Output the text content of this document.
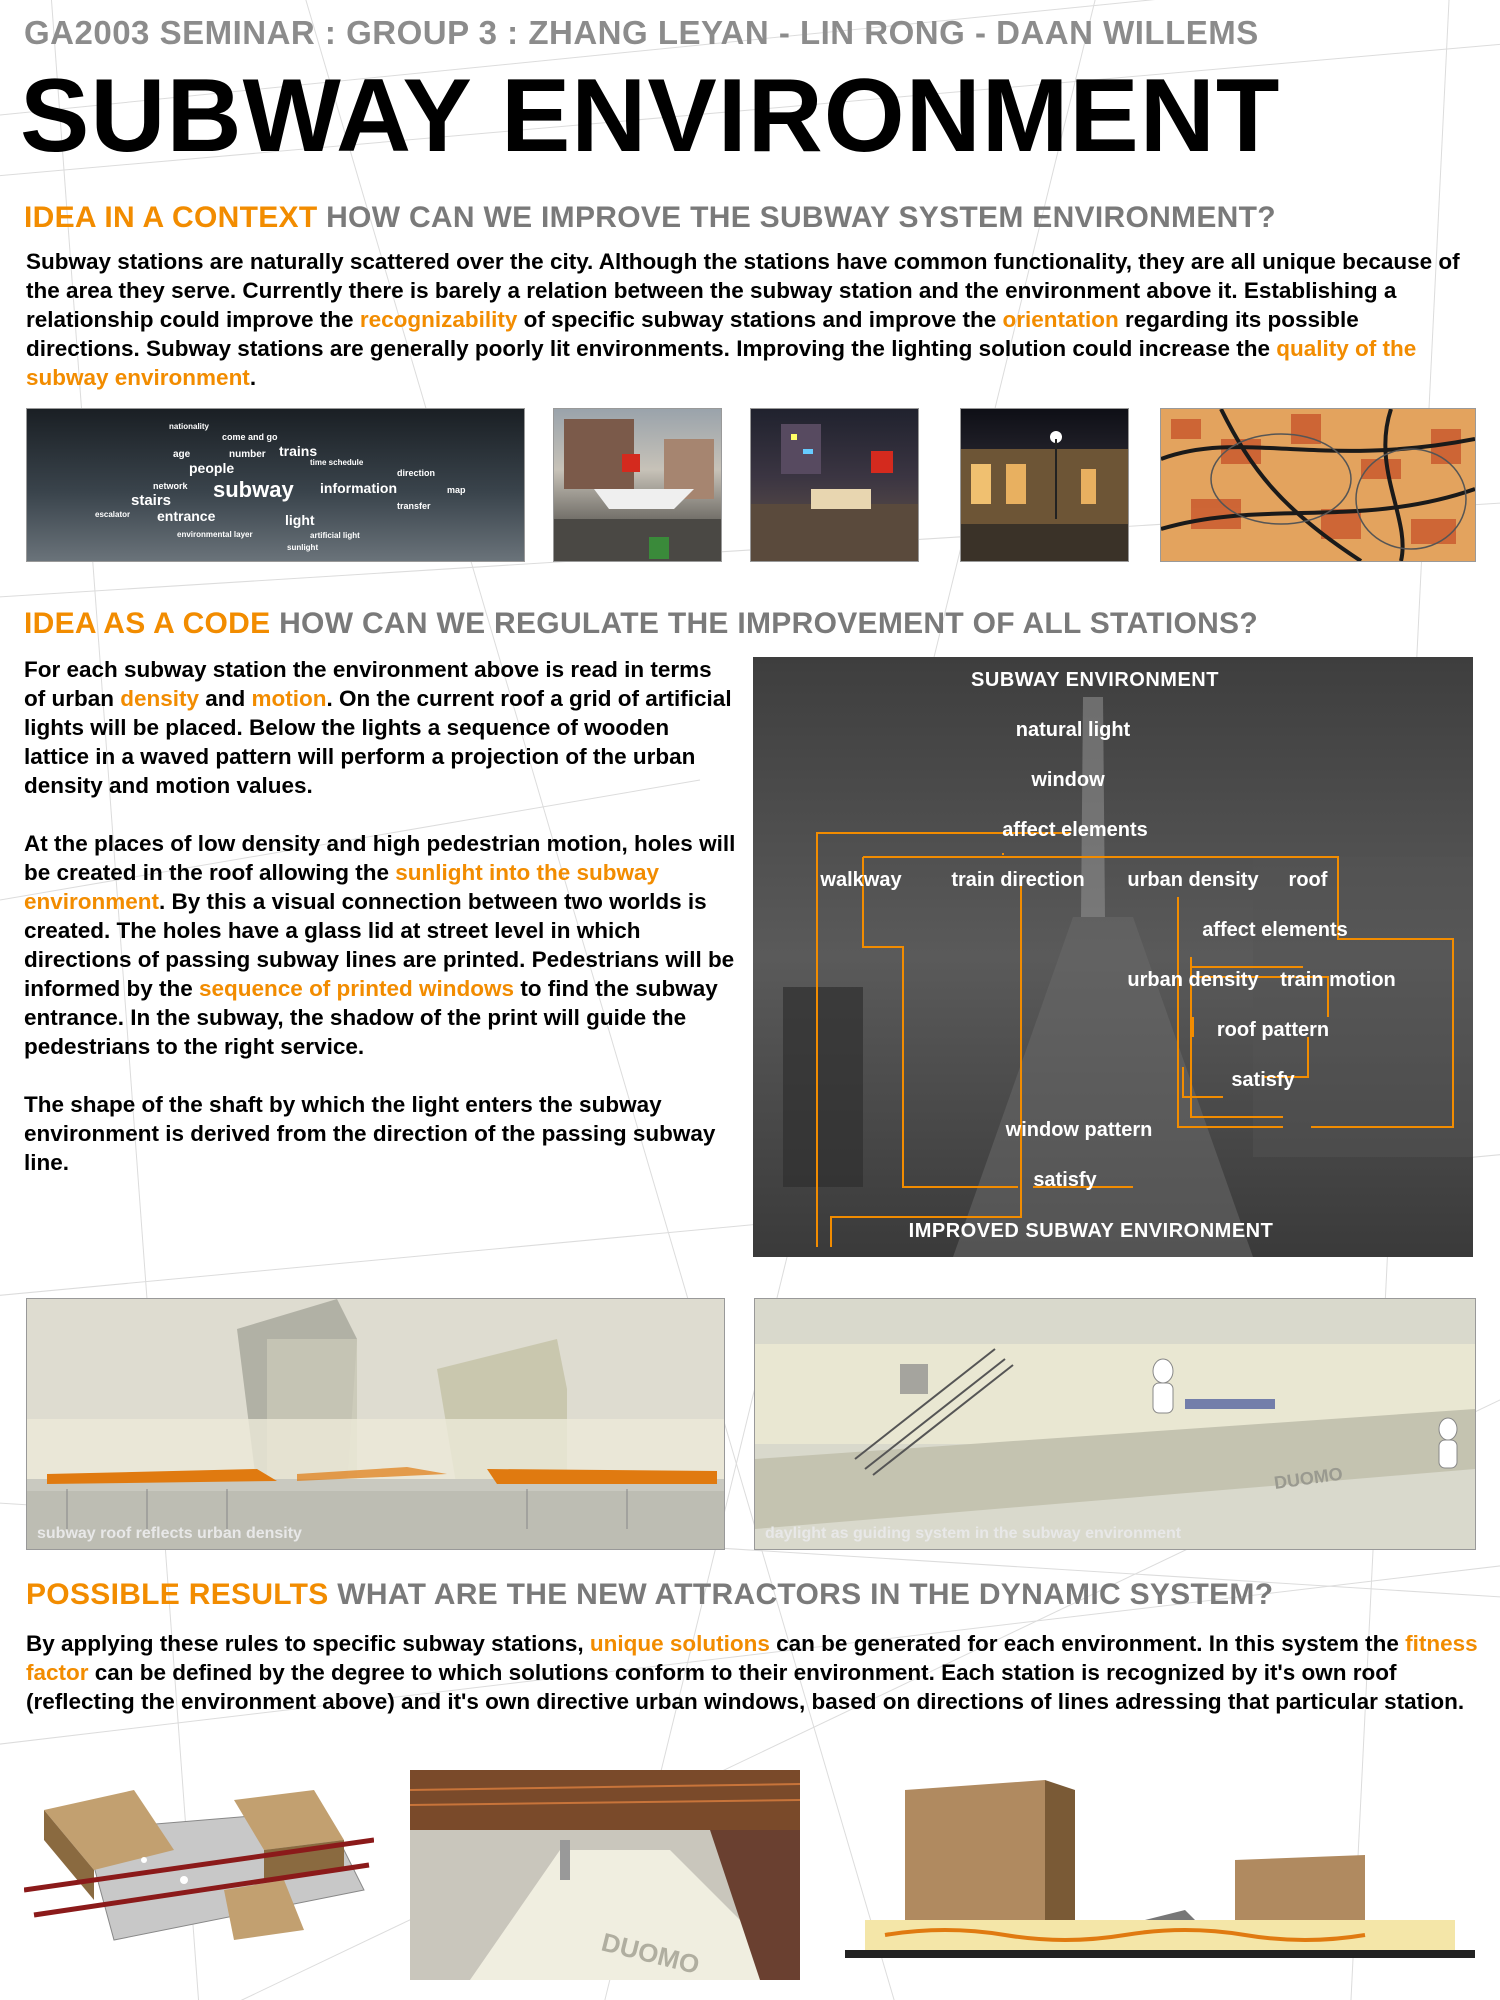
GA2003 SEMINAR : GROUP 3 : ZHANG LEYAN - LIN RONG - DAAN WILLEMS
SUBWAY ENVIRONMENT
IDEA IN A CONTEXT HOW CAN WE IMPROVE THE SUBWAY SYSTEM ENVIRONMENT?
Subway stations are naturally scattered over the city. Although the stations have common functionality, they are all unique because of the area they serve. Currently there is barely a relation between the subway station and the environment above it. Establishing a relationship could improve the recognizability of specific subway stations and improve the orientation regarding its possible directions. Subway stations are generally poorly lit environments. Improving the lighting solution could increase the quality of the subway environment.
nationality
come and go
age	number trains
time schedule
people	direction
network subway information	map
stairs	transfer
escalator entrance	light
environmental layer	artificial light
sunlight
IDEA AS A CODE HOW CAN WE REGULATE THE IMPROVEMENT OF ALL STATIONS?
For each subway station the environment above is read in terms of urban density and motion. On the current roof a grid of artificial lights will be placed. Below the lights a sequence of wooden lattice in a waved pattern will perform a projection of the urban density and motion values.
At the places of low density and high pedestrian motion, holes will be created in the roof allowing the sunlight into the subway environment. By this a visual connection between two worlds is created. The holes have a glass lid at street level in which directions of passing subway lines are printed. Pedestrians will be informed by the sequence of printed windows to find the subway entrance. In the subway, the shadow of the print will guide the pedestrians to the right service.
The shape of the shaft by which the light enters the subway environment is derived from the direction of the passing subway line.
SUBWAY ENVIRONMENT
natural light
window
affect elements
walkway train direction urban density roof
affect elements
urban density train motion
roof pattern
satisfy
window pattern
satisfy
IMPROVED SUBWAY ENVIRONMENT
subway roof reflects urban density
DUOMO
daylight as guiding system in the subway environment
POSSIBLE RESULTS WHAT ARE THE NEW ATTRACTORS IN THE DYNAMIC SYSTEM?
By applying these rules to specific subway stations, unique solutions can be generated for each environment. In this system the fitness factor can be defined by the degree to which solutions conform to their environment. Each station is recognized by it's own roof (reflecting the environment above) and it's own directive urban windows, based on directions of lines adressing that particular station.
DUOMO
